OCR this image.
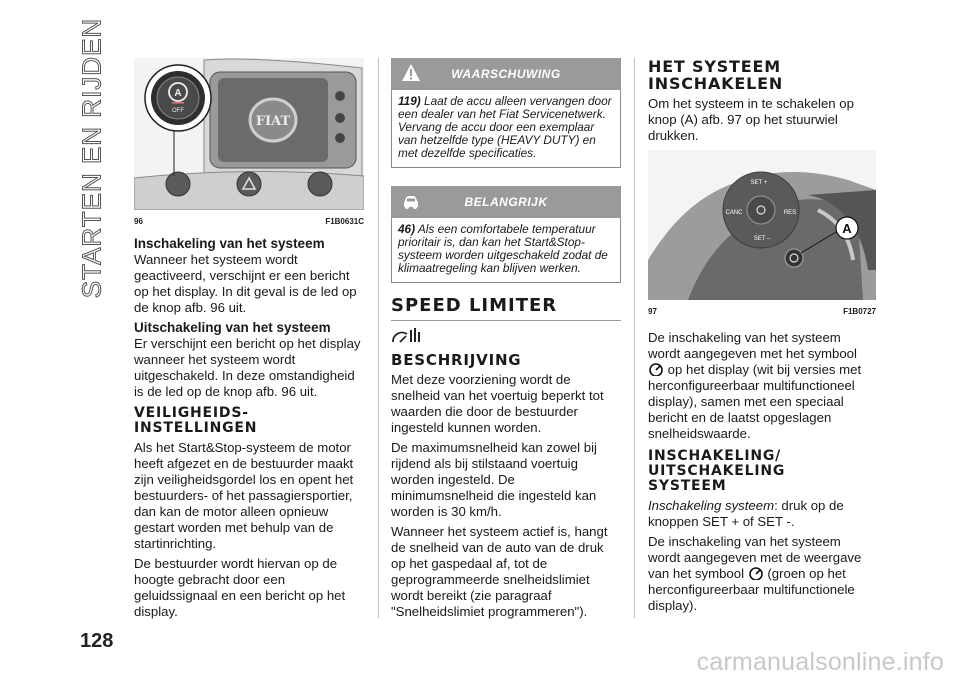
STARTEN EN RIJDEN
128
FIAT
A
OFF
96	F1B0631C
Inschakeling van het systeem

Wanneer het systeem wordt geactiveerd, verschijnt er een bericht op het display. In dit geval is de led op de knop afb. 96 uit.

Uitschakeling van het systeem

Er verschijnt een bericht op het display wanneer het systeem wordt uitgeschakeld. In deze omstandigheid is de led op de knop afb. 96 uit.

VEILIGHEIDS-
INSTELLINGEN

Als het Start&Stop-systeem de motor heeft afgezet en de bestuurder maakt zijn veiligheidsgordel los en opent het bestuurders- of het passagiersportier, dan kan de motor alleen opnieuw gestart worden met behulp van de startinrichting.

De bestuurder wordt hiervan op de hoogte gebracht door een geluidssignaal en een bericht op het display.

WAARSCHUWING
119) Laat de accu alleen vervangen door een dealer van het Fiat Servicenetwerk. Vervang de accu door een exemplaar van hetzelfde type (HEAVY DUTY) en met dezelfde specificaties.
BELANGRIJK
46) Als een comfortabele temperatuur prioritair is, dan kan het Start&Stop-systeem worden uitgeschakeld zodat de klimaatregeling kan blijven werken.
SPEED LIMITER
BESCHRIJVING

Met deze voorziening wordt de snelheid van het voertuig beperkt tot waarden die door de bestuurder ingesteld kunnen worden.

De maximumsnelheid kan zowel bij rijdend als bij stilstaand voertuig worden ingesteld. De minimumsnelheid die ingesteld kan worden is 30 km/h.

Wanneer het systeem actief is, hangt de snelheid van de auto van de druk op het gaspedaal af, tot de geprogrammeerde snelheidslimiet wordt bereikt (zie paragraaf "Snelheidslimiet programmeren").

HET SYSTEEM
INSCHAKELEN

Om het systeem in te schakelen op knop (A) afb. 97 op het stuurwiel drukken.

SET +
CANC	RES
SET –
A
97	F1B0727

De inschakeling van het systeem wordt aangegeven met het symbool  op het display (wit bij versies met herconfigureerbaar multifunctioneel display), samen met een speciaal bericht en de laatst opgeslagen snelheidswaarde.

INSCHAKELING/
UITSCHAKELING
SYSTEEM

Inschakeling systeem: druk op de knoppen SET + of SET -.

De inschakeling van het systeem wordt aangegeven met de weergave van het symbool (groen op het herconfigureerbaar multifunctionele display).

carmanualsonline.info
